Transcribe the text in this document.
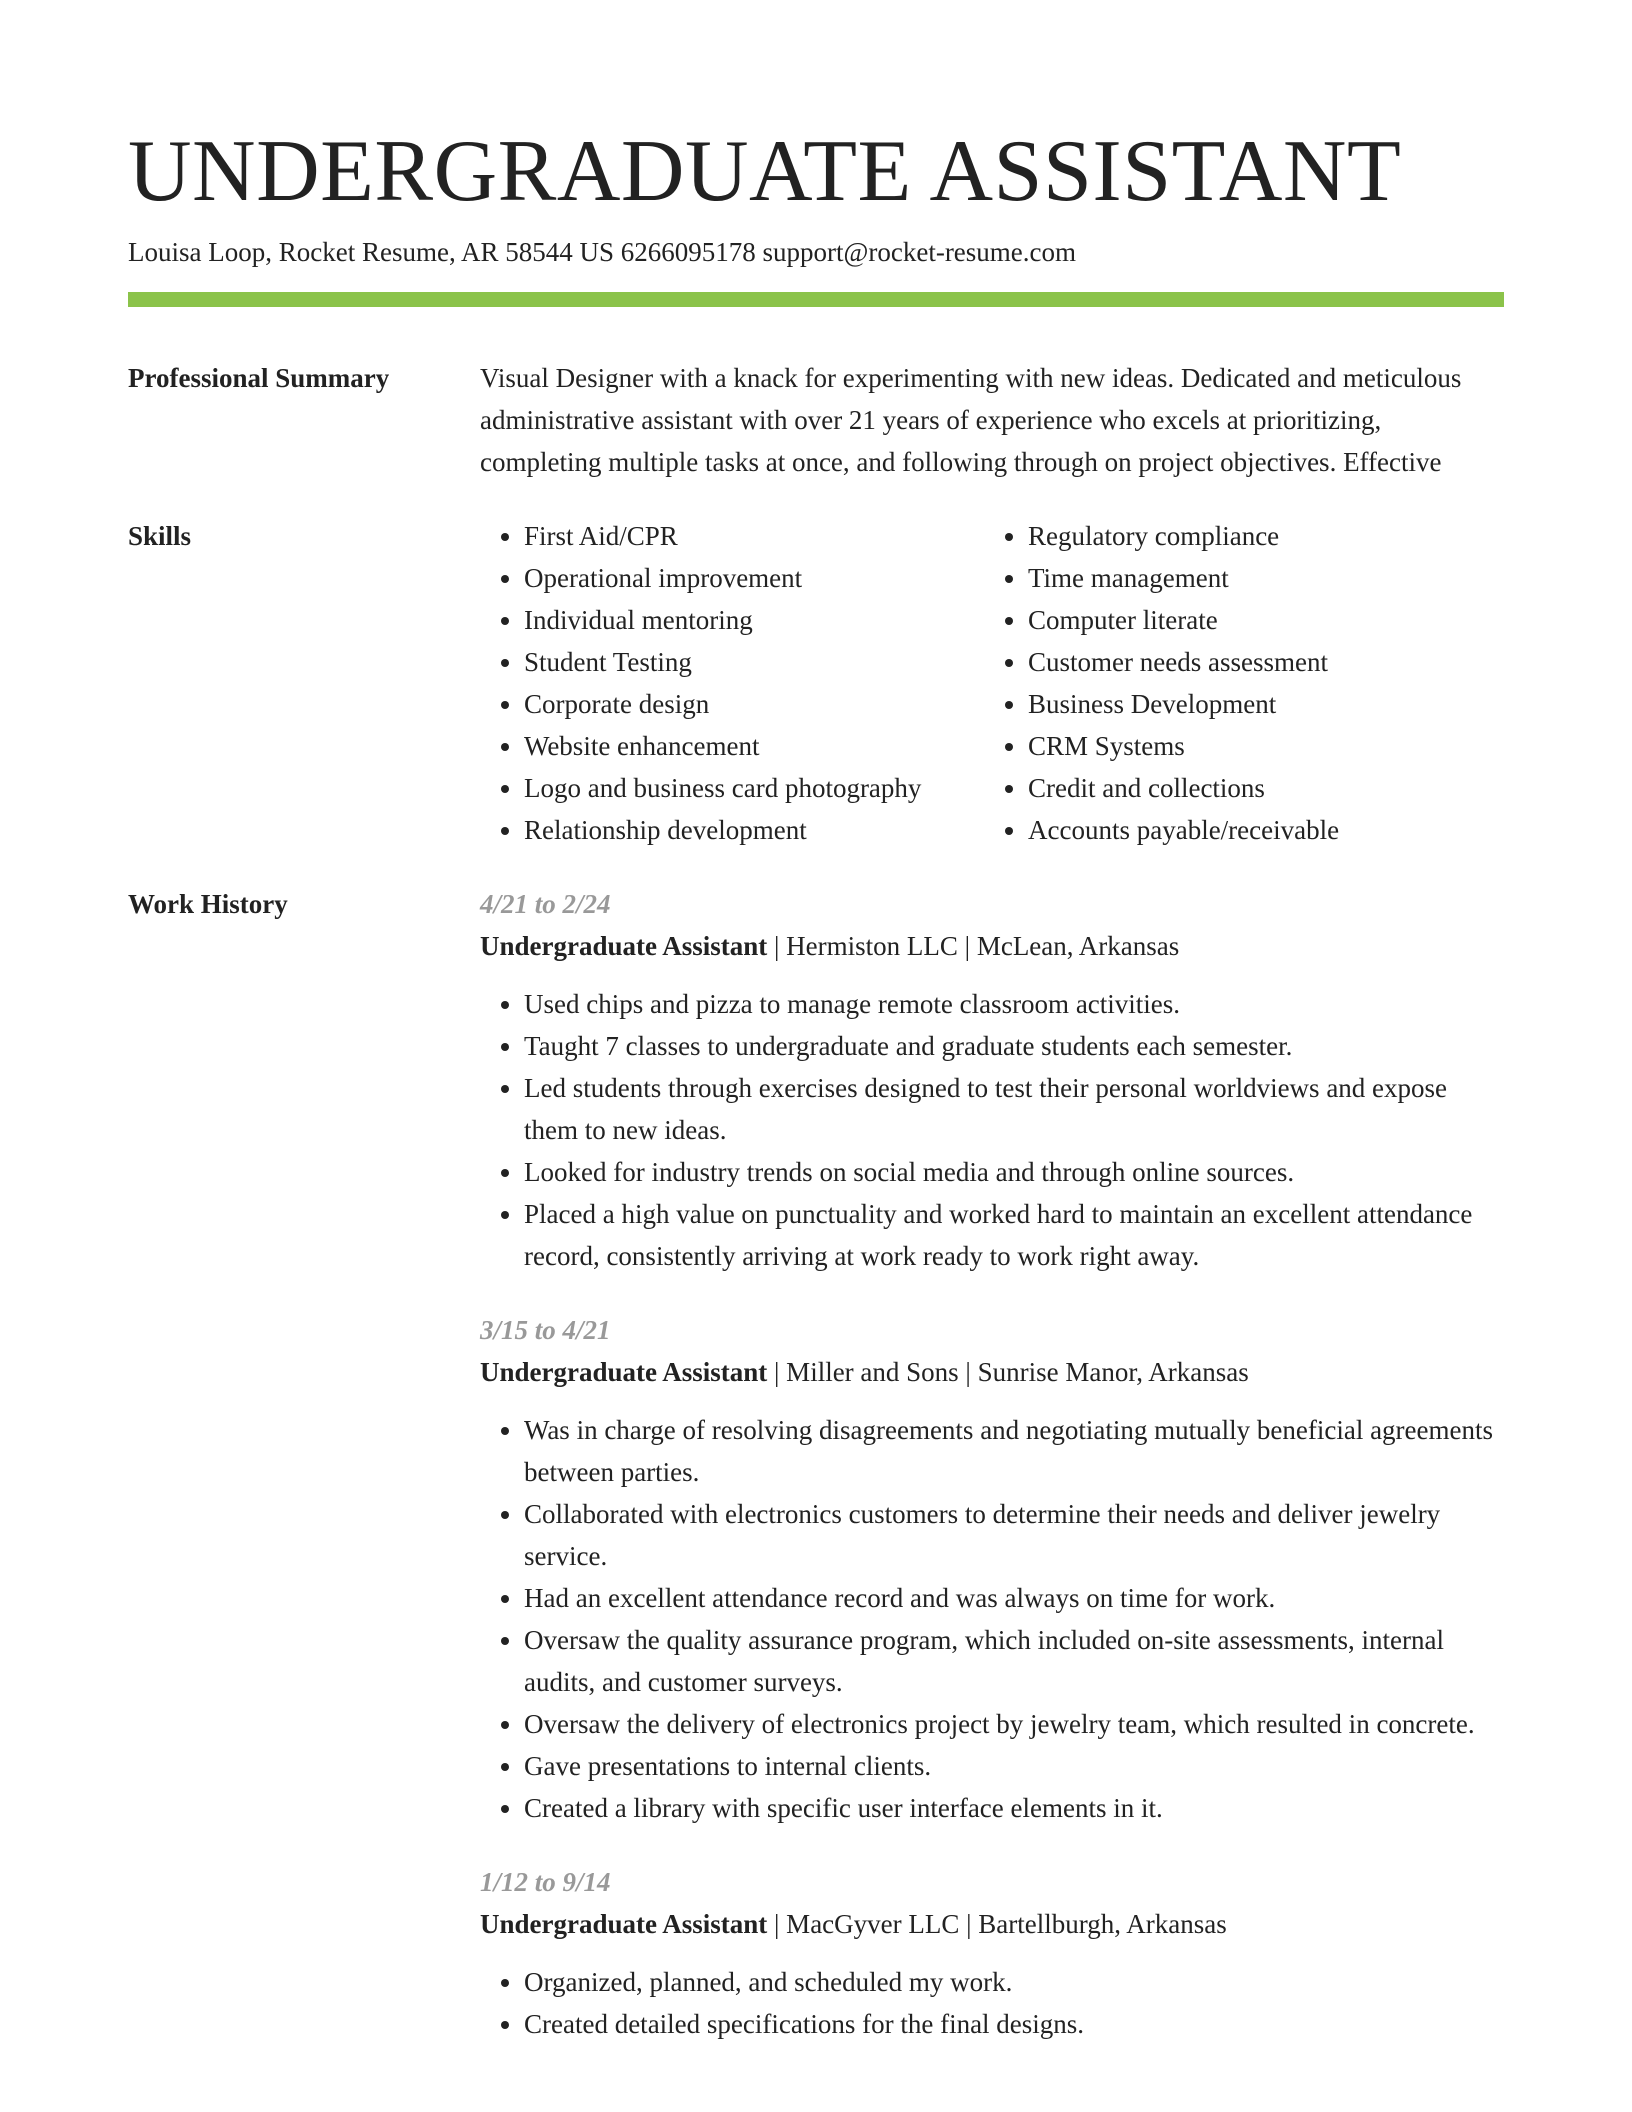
UNDERGRADUATE ASSISTANT
Louisa Loop, Rocket Resume, AR 58544 US 6266095178 support@rocket-resume.com
Professional Summary	Visual Designer with a knack for experimenting with new ideas. Dedicated and meticulous administrative assistant with over 21 years of experience who excels at prioritizing, completing multiple tasks at once, and following through on project objectives. Effective

Skills
•	First Aid/CPR
• Operational improvement
• Individual mentoring
• Student Testing
• Corporate design
• Website enhancement
• Logo and business card photography
• Relationship development
• Regulatory compliance
• Time management
• Computer literate
• Customer needs assessment
• Business Development
• CRM Systems
• Credit and collections
• Accounts payable/receivable
Work History	4/21 to 2/24
Undergraduate Assistant | Hermiston LLC | McLean, Arkansas
• Used chips and pizza to manage remote classroom activities.
• Taught 7 classes to undergraduate and graduate students each semester.
• Led students through exercises designed to test their personal worldviews and expose them to new ideas.
• Looked for industry trends on social media and through online sources.
• Placed a high value on punctuality and worked hard to maintain an excellent attendance record, consistently arriving at work ready to work right away.
3/15 to 4/21
Undergraduate Assistant | Miller and Sons | Sunrise Manor, Arkansas
• Was in charge of resolving disagreements and negotiating mutually beneficial agreements between parties.
• Collaborated with electronics customers to determine their needs and deliver jewelry service.
• Had an excellent attendance record and was always on time for work.
• Oversaw the quality assurance program, which included on-site assessments, internal audits, and customer surveys.
• Oversaw the delivery of electronics project by jewelry team, which resulted in concrete.
• Gave presentations to internal clients.
• Created a library with specific user interface elements in it.
1/12 to 9/14
Undergraduate Assistant | MacGyver LLC | Bartellburgh, Arkansas
• Organized, planned, and scheduled my work.
• Created detailed specifications for the final designs.
